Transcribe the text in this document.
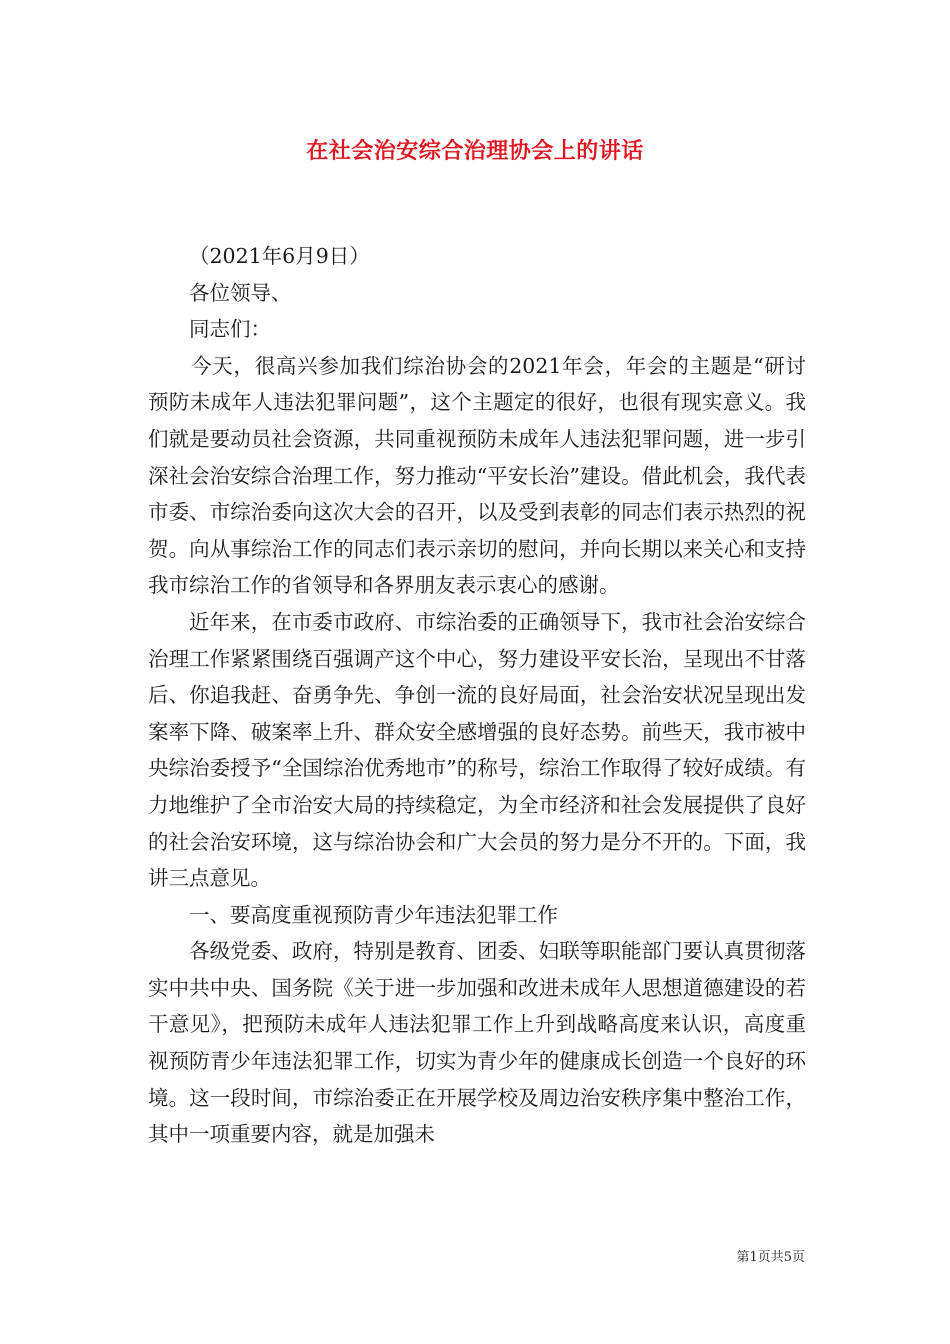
在社会治安综合治理协会上的讲话

（2021年6月9日）

各位领导、

同志们：

今天，很高兴参加我们综治协会的2021年会，年会的主题是“研讨预防未成年人违法犯罪问题”，这个主题定的很好，也很有现实意义。我们就是要动员社会资源，共同重视预防未成年人违法犯罪问题，进一步引深社会治安综合治理工作，努力推动“平安长治”建设。借此机会，我代表市委、市综治委向这次大会的召开，以及受到表彰的同志们表示热烈的祝贺。向从事综治工作的同志们表示亲切的慰问，并向长期以来关心和支持我市综治工作的省领导和各界朋友表示衷心的感谢。

近年来，在市委市政府、市综治委的正确领导下，我市社会治安综合治理工作紧紧围绕百强调产这个中心，努力建设平安长治，呈现出不甘落后、你追我赶、奋勇争先、争创一流的良好局面，社会治安状况呈现出发案率下降、破案率上升、群众安全感增强的良好态势。前些天，我市被中央综治委授予“全国综治优秀地市”的称号，综治工作取得了较好成绩。有力地维护了全市治安大局的持续稳定，为全市经济和社会发展提供了良好的社会治安环境，这与综治协会和广大会员的努力是分不开的。下面，我讲三点意见。

一、要高度重视预防青少年违法犯罪工作

各级党委、政府，特别是教育、团委、妇联等职能部门要认真贯彻落实中共中央、国务院《关于进一步加强和改进未成年人思想道德建设的若干意见》，把预防未成年人违法犯罪工作上升到战略高度来认识，高度重视预防青少年违法犯罪工作，切实为青少年的健康成长创造一个良好的环境。这一段时间，市综治委正在开展学校及周边治安秩序集中整治工作，其中一项重要内容，就是加强未

第1页共5页
